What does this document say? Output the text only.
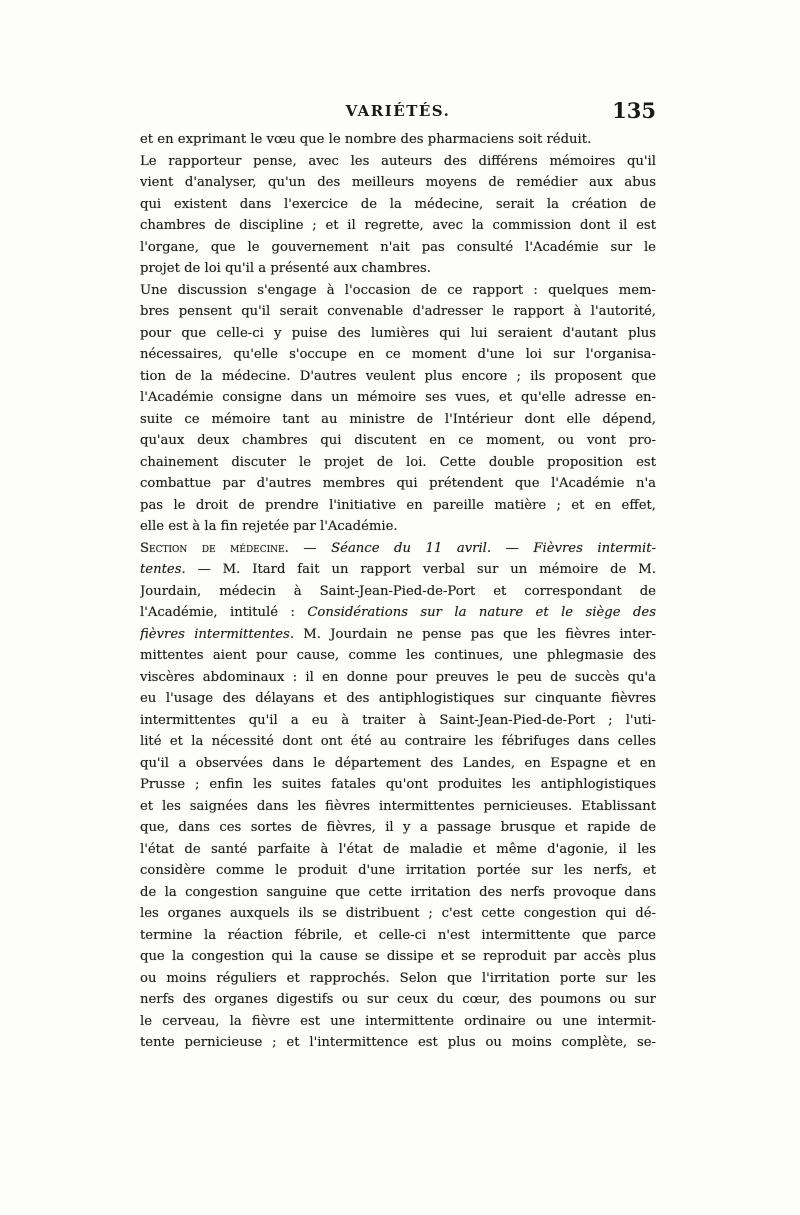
VARIÉTÉS.	135
et en exprimant le vœu que le nombre des pharmaciens soit réduit.
Le rapporteur pense, avec les auteurs des différens mémoires qu'il
vient d'analyser, qu'un des meilleurs moyens de remédier aux abus
qui existent dans l'exercice de la médecine, serait la création de
chambres de discipline ; et il regrette, avec la commission dont il est
l'organe, que le gouvernement n'ait pas consulté l'Académie sur le
projet de loi qu'il a présenté aux chambres.
Une discussion s'engage à l'occasion de ce rapport : quelques mem-
bres pensent qu'il serait convenable d'adresser le rapport à l'autorité,
pour que celle-ci y puise des lumières qui lui seraient d'autant plus
nécessaires, qu'elle s'occupe en ce moment d'une loi sur l'organisa-
tion de la médecine. D'autres veulent plus encore ; ils proposent que
l'Académie consigne dans un mémoire ses vues, et qu'elle adresse en-
suite ce mémoire tant au ministre de l'Intérieur dont elle dépend,
qu'aux deux chambres qui discutent en ce moment, ou vont pro-
chainement discuter le projet de loi. Cette double proposition est
combattue par d'autres membres qui prétendent que l'Académie n'a
pas le droit de prendre l'initiative en pareille matière ; et en effet,
elle est à la fin rejetée par l'Académie.
Section de médecine. — Séance du 11 avril. — Fièvres intermit-
tentes. — M. Itard fait un rapport verbal sur un mémoire de M.
Jourdain, médecin à Saint-Jean-Pied-de-Port et correspondant de
l'Académie, intitulé : Considérations sur la nature et le siège des
fièvres intermittentes. M. Jourdain ne pense pas que les fièvres inter-
mittentes aient pour cause, comme les continues, une phlegmasie des
viscères abdominaux : il en donne pour preuves le peu de succès qu'a
eu l'usage des délayans et des antiphlogistiques sur cinquante fièvres
intermittentes qu'il a eu à traiter à Saint-Jean-Pied-de-Port ; l'uti-
lité et la nécessité dont ont été au contraire les fébrifuges dans celles
qu'il a observées dans le département des Landes, en Espagne et en
Prusse ; enfin les suites fatales qu'ont produites les antiphlogistiques
et les saignées dans les fièvres intermittentes pernicieuses. Etablissant
que, dans ces sortes de fièvres, il y a passage brusque et rapide de
l'état de santé parfaite à l'état de maladie et même d'agonie, il les
considère comme le produit d'une irritation portée sur les nerfs, et
de la congestion sanguine que cette irritation des nerfs provoque dans
les organes auxquels ils se distribuent ; c'est cette congestion qui dé-
termine la réaction fébrile, et celle-ci n'est intermittente que parce
que la congestion qui la cause se dissipe et se reproduit par accès plus
ou moins réguliers et rapprochés. Selon que l'irritation porte sur les
nerfs des organes digestifs ou sur ceux du cœur, des poumons ou sur
le cerveau, la fièvre est une intermittente ordinaire ou une intermit-
tente pernicieuse ; et l'intermittence est plus ou moins complète, se-
